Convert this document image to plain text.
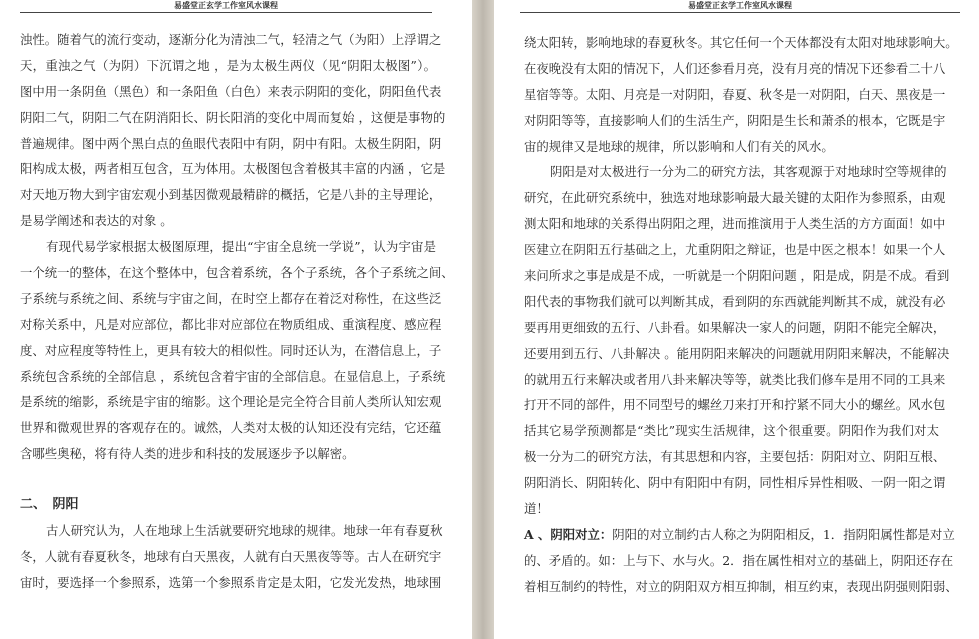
易盛堂正玄学工作室风水课程
浊性。随着气的流行变动，逐渐分化为清浊二气，轻清之气（为阳）上浮谓之
天，重浊之气（为阴）下沉谓之地 ，是为太极生两仪（见“阴阳太极图”）。
图中用一条阴鱼（黑色）和一条阳鱼（白色）来表示阴阳的变化，阴阳鱼代表
阴阳二气，阴阳二气在阴消阳长、阴长阳消的变化中周而复始 ，这便是事物的
普遍规律。图中两个黑白点的鱼眼代表阳中有阴，阴中有阳。太极生阴阳，阴
阳构成太极，两者相互包含，互为体用。太极图包含着极其丰富的内涵 ，它是
对天地万物大到宇宙宏观小到基因微观最精辟的概括，它是八卦的主导理论，
是易学阐述和表达的对象 。
有现代易学家根据太极图原理，提出“宇宙全息统一学说”，认为宇宙是
一个统一的整体，在这个整体中，包含着系统，各个子系统，各个子系统之间、
子系统与系统之间、系统与宇宙之间，在时空上都存在着泛对称性，在这些泛
对称关系中，凡是对应部位，都比非对应部位在物质组成、重演程度、感应程
度、对应程度等特性上，更具有较大的相似性。同时还认为，在潜信息上，子
系统包含系统的全部信息 ，系统包含着宇宙的全部信息。在显信息上，子系统
是系统的缩影，系统是宇宙的缩影。这个理论是完全符合目前人类所认知宏观
世界和微观世界的客观存在的。诚然，人类对太极的认知还没有完结，它还蕴
含哪些奥秘，将有待人类的进步和科技的发展逐步予以解密。
二、　阴阳
古人研究认为，人在地球上生活就要研究地球的规律。地球一年有春夏秋
冬，人就有春夏秋冬，地球有白天黑夜，人就有白天黑夜等等。古人在研究宇
宙时，要选择一个参照系，选第一个参照系肯定是太阳，它发光发热，地球围
易盛堂正玄学工作室风水课程
绕太阳转，影响地球的春夏秋冬。其它任何一个天体都没有太阳对地球影响大。
在夜晚没有太阳的情况下，人们还参看月亮，没有月亮的情况下还参看二十八
星宿等等。太阳、月亮是一对阴阳，春夏、秋冬是一对阴阳，白天、黑夜是一
对阴阳等等，直接影响人们的生活生产，阴阳是生长和萧杀的根本，它既是宇
宙的规律又是地球的规律，所以影响和人们有关的风水。
阴阳是对太极进行一分为二的研究方法，其客观源于对地球时空等规律的
研究，在此研究系统中，独选对地球影响最大最关键的太阳作为参照系，由观
测太阳和地球的关系得出阴阳之理，进而推演用于人类生活的方方面面！如中
医建立在阴阳五行基础之上，尤重阴阳之辩证，也是中医之根本！如果一个人
来问所求之事是成是不成，一听就是一个阴阳问题 ，阳是成，阴是不成。看到
阳代表的事物我们就可以判断其成，看到阴的东西就能判断其不成，就没有必
要再用更细致的五行、八卦看。如果解决一家人的问题，阴阳不能完全解决，
还要用到五行、八卦解决 。能用阴阳来解决的问题就用阴阳来解决，不能解决
的就用五行来解决或者用八卦来解决等等，就类比我们修车是用不同的工具来
打开不同的部件，用不同型号的螺丝刀来打开和拧紧不同大小的螺丝。风水包
括其它易学预测都是“类比”现实生活规律，这个很重要。阴阳作为我们对太
极一分为二的研究方法，有其思想和内容，主要包括：阴阳对立、阴阳互根、
阴阳消长、阴阳转化、阴中有阳阳中有阴，同性相斥异性相吸、一阴一阳之谓
道！
A 、阴阳对立：阴阳的对立制约古人称之为阴阳相反，1．指阴阳属性都是对立
的、矛盾的。如：上与下、水与火。2．指在属性相对立的基础上，阴阳还存在
着相互制约的特性，对立的阴阳双方相互抑制，相互约束，表现出阴强则阳弱、
